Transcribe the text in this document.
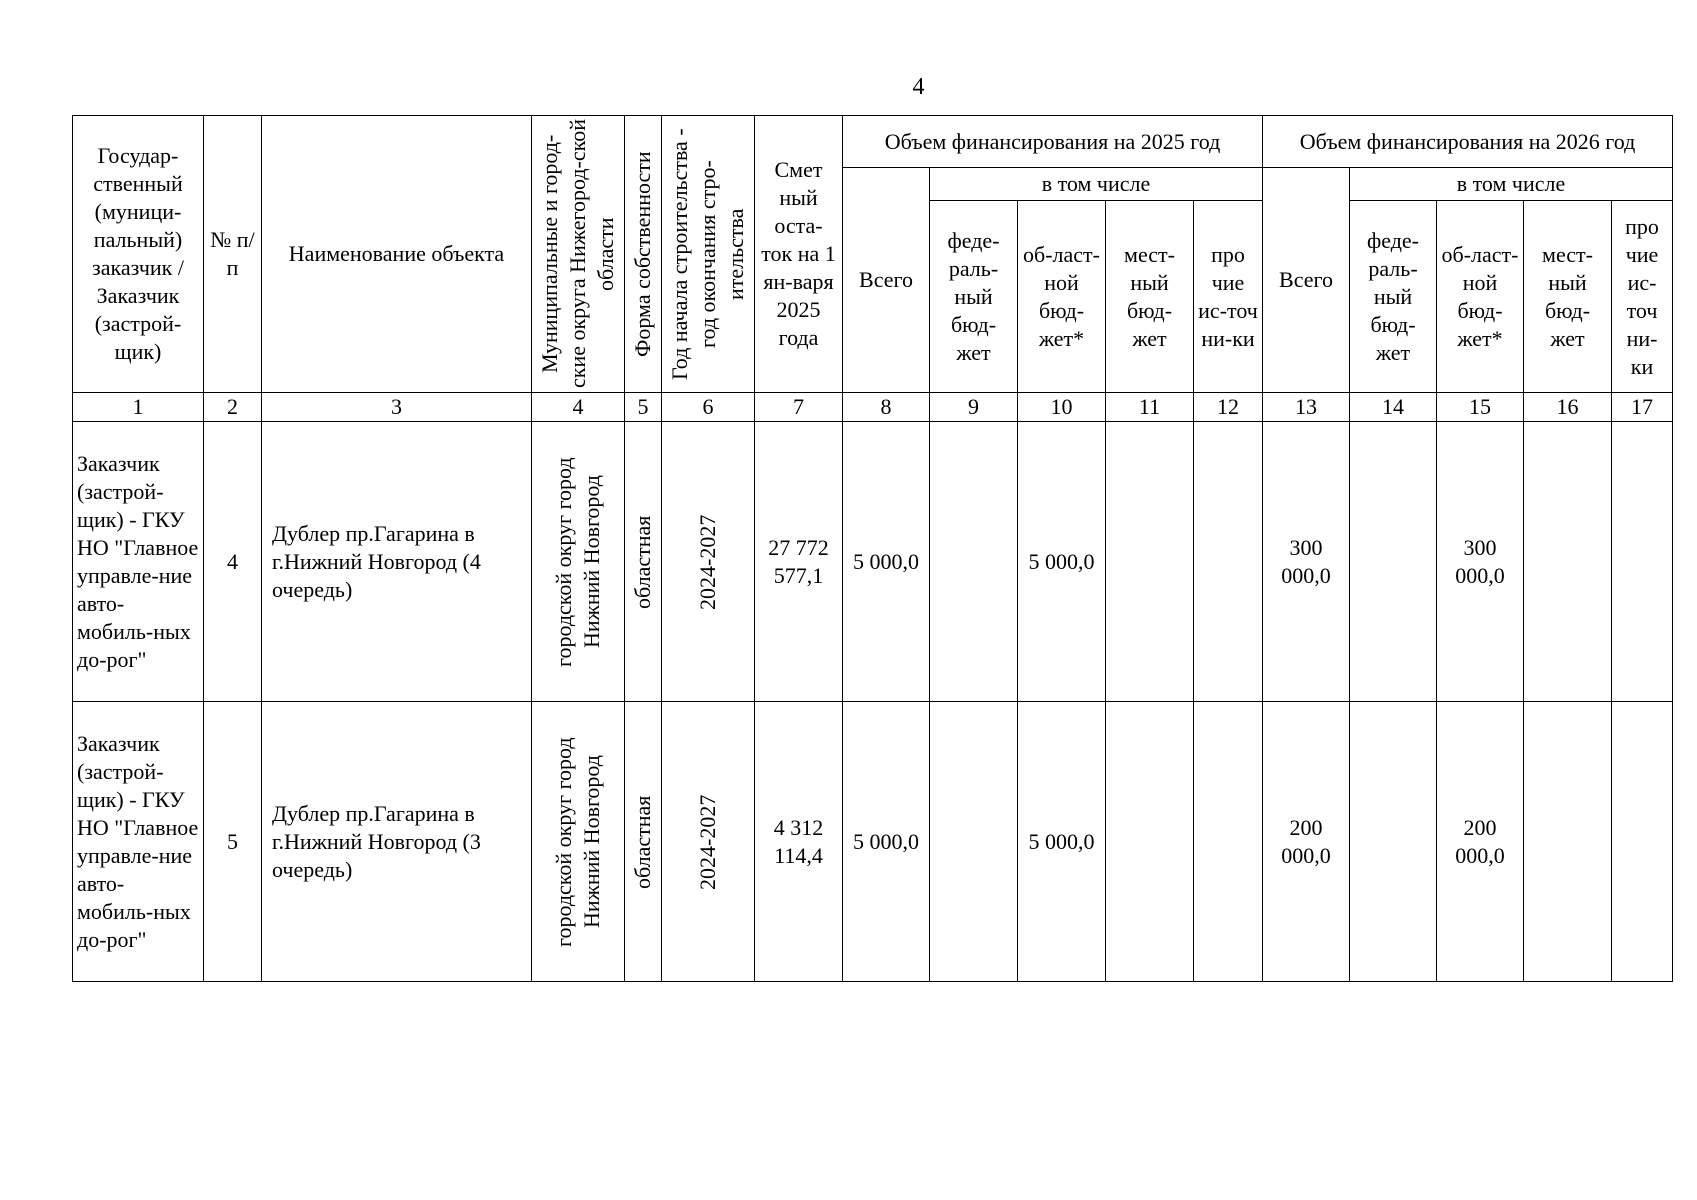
4
Государ-ственный (муници-пальный) заказчик / Заказчик (застрой-щик)	№ п/п	Наименование объекта	Муниципальные и город-ские округа Нижегород-ской области	Форма собственности	Год начала строительства - год окончания стро-ительства	Смет ный оста-ток на 1 ян-варя 2025 года	Объем финансирования на 2025 год					Объем финансирования на 2026 год				
							Всего	в том числе				Всего	в том числе			
								феде-раль-ный бюд-жет	об-ласт-ной бюд-жет*	мест-ный бюд-жет	про чие ис-точ ни-ки		феде-раль-ный бюд-жет	об-ласт-ной бюд-жет*	мест-ный бюд-жет	про чие ис-точ ни-ки
1	2	3	4	5	6	7	8	9	10	11	12	13	14	15	16	17
Заказчик (застрой-щик) - ГКУ НО "Главное управле-ние авто-мобиль-ных до-рог"	4	Дублер пр.Гагарина в г.Нижний Новгород (4 очередь)	городской округ город Нижний Новгород	областная	2024-2027	27 772 577,1	5 000,0		5 000,0			300 000,0		300 000,0		
Заказчик (застрой-щик) - ГКУ НО "Главное управле-ние авто-мобиль-ных до-рог"	5	Дублер пр.Гагарина в г.Нижний Новгород (3 очередь)	городской округ город Нижний Новгород	областная	2024-2027	4 312 114,4	5 000,0		5 000,0			200 000,0		200 000,0		
